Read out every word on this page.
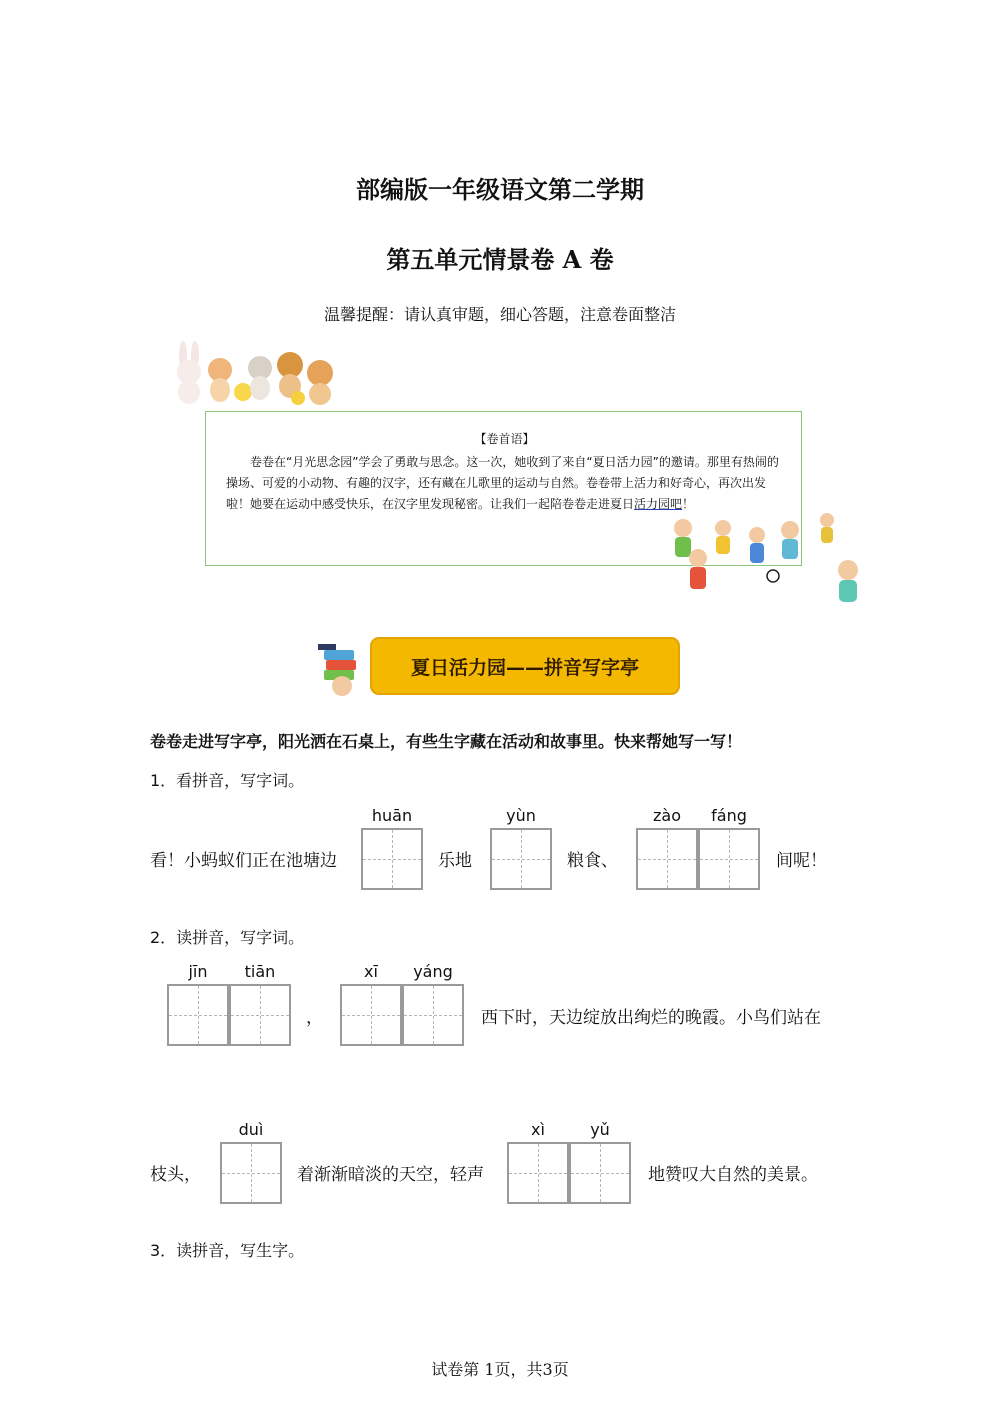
部编版一年级语文第二学期
第五单元情景卷 A 卷
温馨提醒：请认真审题，细心答题，注意卷面整洁
【卷首语】
卷卷在“月光思念园”学会了勇敢与思念。这一次，她收到了来自“夏日活力园”的邀请。那里有热闹的操场、可爱的小动物、有趣的汉字，还有藏在儿歌里的运动与自然。卷卷带上活力和好奇心，再次出发啦！她要在运动中感受快乐，在汉字里发现秘密。让我们一起陪卷卷走进夏日活力园吧！
夏日活力园——拼音写字亭
卷卷走进写字亭，阳光洒在石桌上，有些生字藏在活动和故事里。快来帮她写一写！
1．看拼音，写字词。
huān	yùn	zào	fáng
看！小蚂蚁们正在池塘边	乐地	粮食、	间呢！
2．读拼音，写字词。
jīn	tiān	xī	yáng
，	西下时，天边绽放出绚烂的晚霞。小鸟们站在
duì	xì	yǔ
枝头，	着渐渐暗淡的天空，轻声	地赞叹大自然的美景。
3．读拼音，写生字。
试卷第 1页，共3页
